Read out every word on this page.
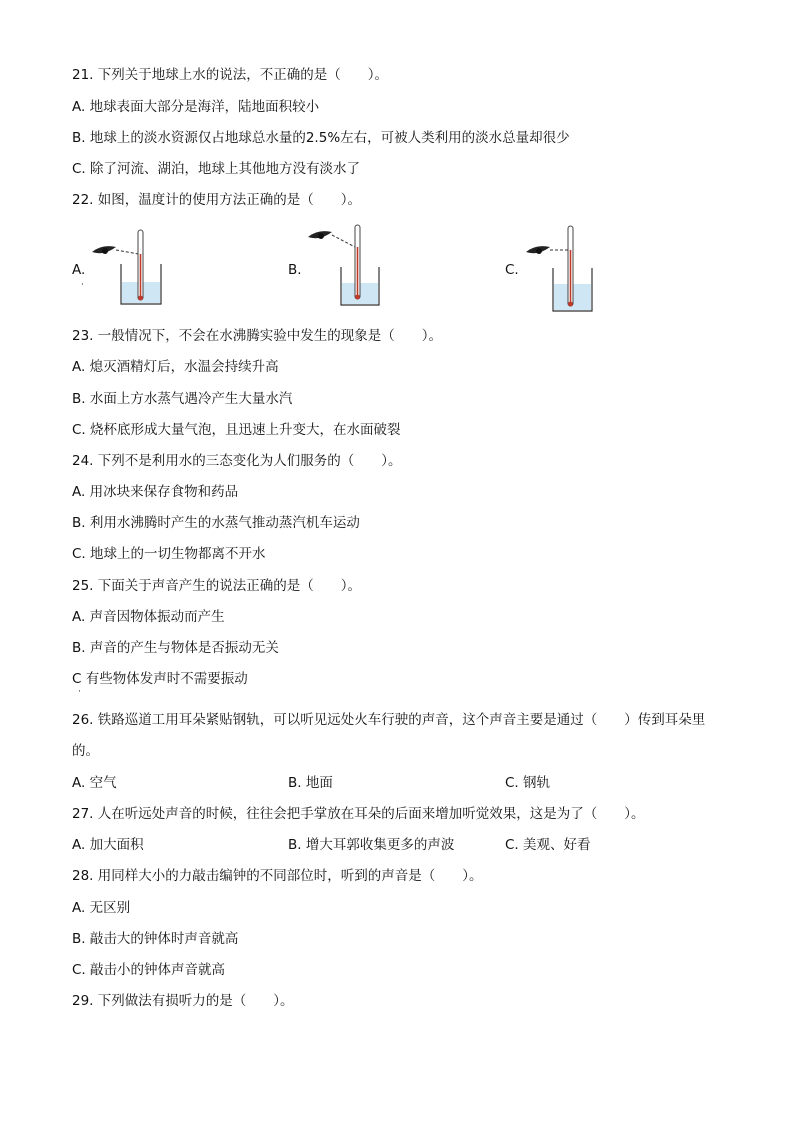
21. 下列关于地球上水的说法，不正确的是（　　）。
A. 地球表面大部分是海洋，陆地面积较小
B. 地球上的淡水资源仅占地球总水量的2.5%左右，可被人类利用的淡水总量却很少
C. 除了河流、湖泊，地球上其他地方没有淡水了
22. 如图，温度计的使用方法正确的是（　　）。
A.
·
B.	C.
23. 一般情况下，不会在水沸腾实验中发生的现象是（　　）。
A. 熄灭酒精灯后，水温会持续升高
B. 水面上方水蒸气遇冷产生大量水汽
C. 烧杯底形成大量气泡，且迅速上升变大，在水面破裂
24. 下列不是利用水的三态变化为人们服务的（　　）。
A. 用冰块来保存食物和药品
B. 利用水沸腾时产生的水蒸气推动蒸汽机车运动
C. 地球上的一切生物都离不开水
25. 下面关于声音产生的说法正确的是（　　）。
A. 声音因物体振动而产生
B. 声音的产生与物体是否振动无关
C 有些物体发声时不需要振动
·
26. 铁路巡道工用耳朵紧贴钢轨，可以听见远处火车行驶的声音，这个声音主要是通过（　　）传到耳朵里
的。
A. 空气	B. 地面	C. 钢轨
27. 人在听远处声音的时候，往往会把手掌放在耳朵的后面来增加听觉效果，这是为了（　　）。
A. 加大面积	B. 增大耳郭收集更多的声波	C. 美观、好看
28. 用同样大小的力敲击编钟的不同部位时，听到的声音是（　　）。
A. 无区别
B. 敲击大的钟体时声音就高
C. 敲击小的钟体声音就高
29. 下列做法有损听力的是（　　）。
